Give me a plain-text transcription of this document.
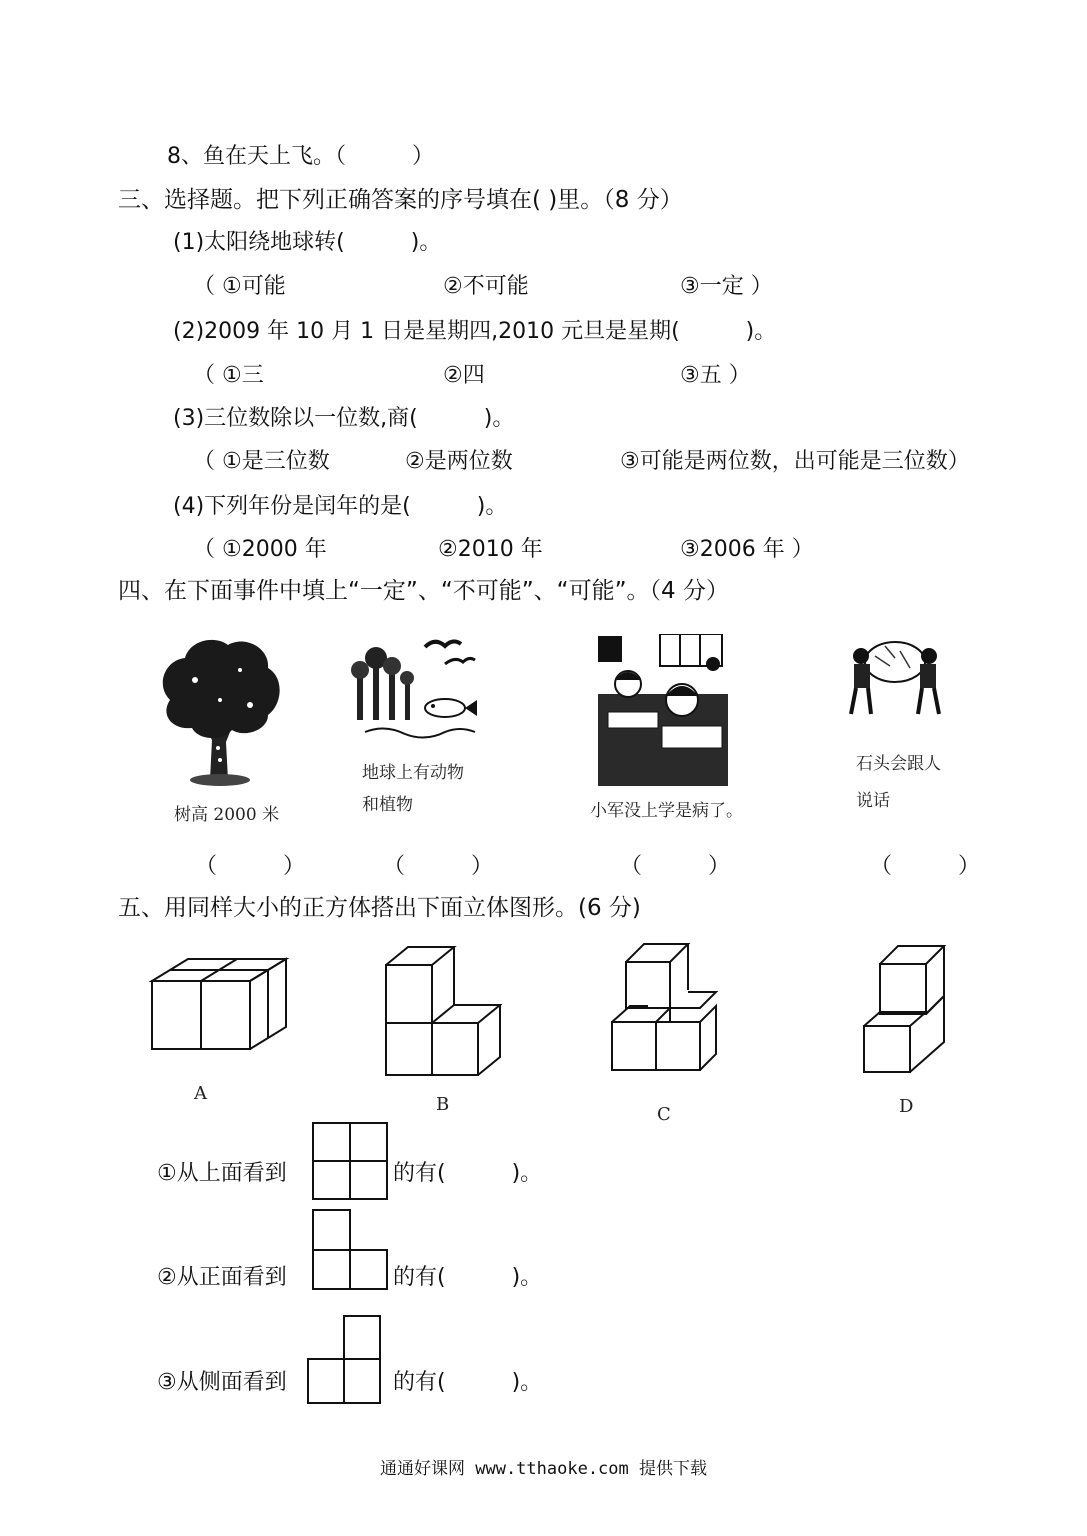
8、鱼在天上飞。（　　　）
三、选择题。把下列正确答案的序号填在( )里。（8 分）
(1)太阳绕地球转(　　　)。
（ ①可能	②不可能	③一定 ）
(2)2009 年 10 月 1 日是星期四,2010 元旦是星期(　　　)。
（ ①三	②四	③五 ）
(3)三位数除以一位数,商(　　　)。
（ ①是三位数	②是两位数	③可能是两位数，出可能是三位数）
(4)下列年份是闰年的是(　　　)。
（ ①2000 年	②2010 年	③2006 年 ）
四、在下面事件中填上“一定”、“不可能”、“可能”。（4 分）
树高 2000 米
地球上有动物
和植物	小军没上学是病了。
石头会跟人
说话
（　　　）	（　　　）	（　　　）	（　　　）
五、用同样大小的正方体搭出下面立体图形。(6 分)
A
B	C	D
①从上面看到	的有(　　　)。
②从正面看到	的有(　　　)。
③从侧面看到	的有(　　　)。
通通好课网 www.tthaoke.com 提供下载
